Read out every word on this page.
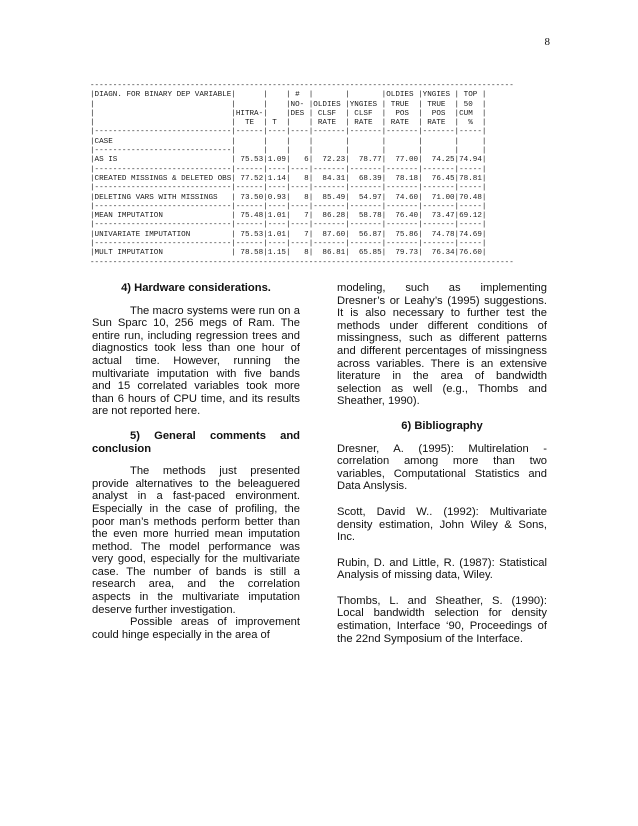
8
---------------------------------------------------------------------------------------------
|DIAGN. FOR BINARY DEP VARIABLE|      |    | #  |       |       |OLDIES |YNGIES | TOP |
|                              |      |    |NO- |OLDIES |YNGIES | TRUE  | TRUE  | 50  |
|                              |HITRA-|    |DES | CLSF  | CLSF  |  POS  |  POS  |CUM  |
|                              |  TE  | T  |    | RATE  | RATE  | RATE  | RATE  |  %  |
|------------------------------|------|----|----|-------|-------|-------|-------|-----|
|CASE                          |      |    |    |       |       |       |       |     |
|------------------------------|      |    |    |       |       |       |       |     |
|AS IS                         | 75.53|1.09|   6|  72.23|  78.77|  77.00|  74.25|74.94|
|------------------------------|------|----|----|-------|-------|-------|-------|-----|
|CREATED MISSINGS & DELETED OBS| 77.52|1.14|   8|  84.31|  68.39|  78.18|  76.45|78.81|
|------------------------------|------|----|----|-------|-------|-------|-------|-----|
|DELETING VARS WITH MISSINGS   | 73.50|0.93|   8|  85.49|  54.97|  74.60|  71.00|70.48|
|------------------------------|------|----|----|-------|-------|-------|-------|-----|
|MEAN IMPUTATION               | 75.48|1.01|   7|  86.28|  58.78|  76.40|  73.47|69.12|
|------------------------------|------|----|----|-------|-------|-------|-------|-----|
|UNIVARIATE IMPUTATION         | 75.53|1.01|   7|  87.60|  56.87|  75.86|  74.78|74.69|
|------------------------------|------|----|----|-------|-------|-------|-------|-----|
|MULT IMPUTATION               | 78.58|1.15|   8|  86.81|  65.85|  79.73|  76.34|76.60|
---------------------------------------------------------------------------------------------

4) Hardware considerations.

The macro systems were run on a Sun Sparc 10, 256 megs of Ram. The entire run, including regression trees and diagnostics took less than one hour of actual time. However, running the multivariate imputation with five bands and 15 correlated variables took more than 6 hours of CPU time, and its results are not reported here.

5) General comments and conclusion

The methods just presented provide alternatives to the beleaguered analyst in a fast-paced environment. Especially in the case of profiling, the poor man’s methods perform better than the even more hurried mean imputation method. The model performance was very good, especially for the multivariate case. The number of bands is still a research area, and the correlation aspects in the multivariate imputation deserve further investigation.

Possible areas of improvement could hinge especially in the area of

modeling, such as implementing Dresner’s or Leahy’s (1995) suggestions. It is also necessary to further test the methods under different conditions of missingness, such as different patterns and different percentages of missingness across variables. There is an extensive literature in the area of bandwidth selection as well (e.g., Thombs and Sheather, 1990).

6) Bibliography

Dresner, A. (1995): Multirelation - correlation among more than two variables, Computational Statistics and Data Anslysis.

Scott, David W.. (1992): Multivariate density estimation, John Wiley & Sons, Inc.

Rubin, D. and Little, R. (1987): Statistical Analysis of missing data, Wiley.

Thombs, L. and Sheather, S. (1990): Local bandwidth selection for density estimation, Interface ‘90, Proceedings of the 22nd Symposium of the Interface.
